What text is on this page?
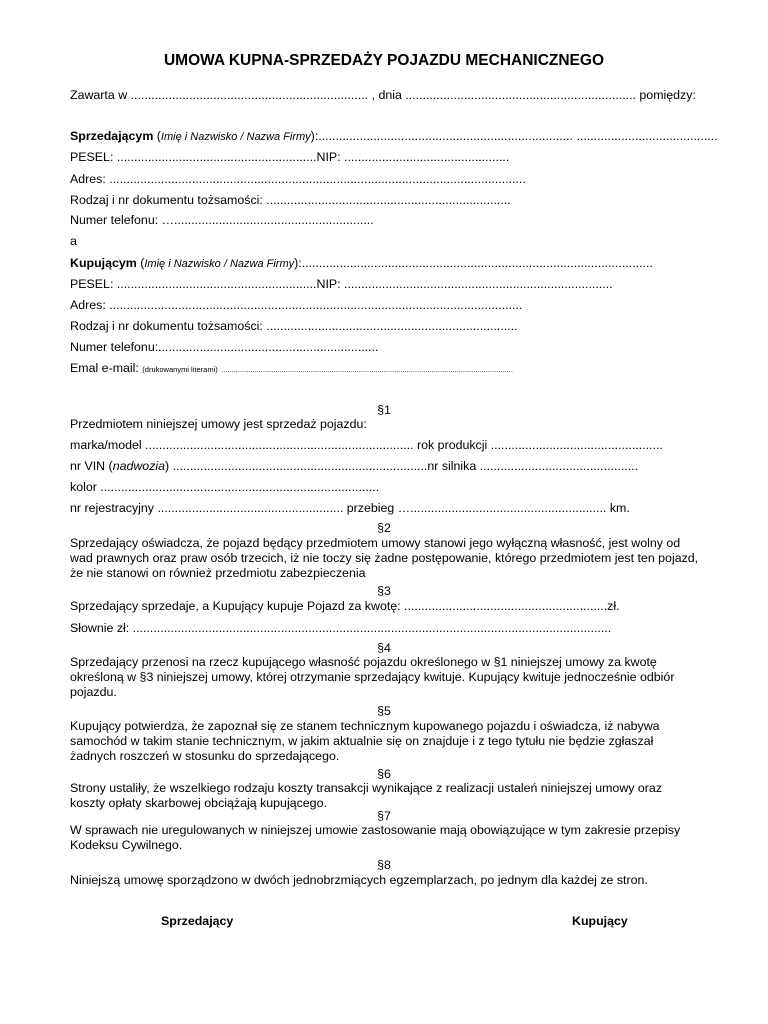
UMOWA KUPNA-SPRZEDAŻY POJAZDU MECHANICZNEGO
Zawarta w ..................................................................... , dnia ................................................................... pomiędzy:
Sprzedającym (Imię i Nazwisko / Nazwa Firmy):.......................................................................... .........................................
PESEL: ..........................................................NIP: ................................................
Adres: .........................................................................................................................
Rodzaj i nr dokumentu tożsamości: .......................................................................
Numer telefonu: …..........................................................
a
Kupującym (Imię i Nazwisko / Nazwa Firmy):......................................................................................................
PESEL: ..........................................................NIP: ..............................................................................
Adres: ........................................................................................................................
Rodzaj i nr dokumentu tożsamości: .........................................................................
Numer telefonu:................................................................
Emal e-mail: (drukowanymi literami) ............................................................................................................................................
§1
Przedmiotem niniejszej umowy jest sprzedaż pojazdu:
marka/model .............................................................................. rok produkcji ..................................................
nr VIN (nadwozia) ..........................................................................nr silnika ..............................................
kolor .................................................................................
nr rejestracyjny ...................................................... przebieg …......................................................... km.
§2
Sprzedający oświadcza, że pojazd będący przedmiotem umowy stanowi jego wyłączną własność, jest wolny od wad prawnych oraz praw osób trzecich, iż nie toczy się żadne postępowanie, którego przedmiotem jest ten pojazd, że nie stanowi on również przedmiotu zabezpieczenia
§3
Sprzedający sprzedaje, a Kupujący kupuje Pojazd za kwotę: ...........................................................zł.
Słownie zł: ...........................................................................................................................................
§4
Sprzedający przenosi na rzecz kupującego własność pojazdu określonego w §1 niniejszej umowy za kwotę określoną w §3 niniejszej umowy, której otrzymanie sprzedający kwituje. Kupujący kwituje jednocześnie odbiór pojazdu.
§5
Kupujący potwierdza, że zapoznał się ze stanem technicznym kupowanego pojazdu i oświadcza, iż nabywa samochód w takim stanie technicznym, w jakim aktualnie się on znajduje i z tego tytułu nie będzie zgłaszał żadnych roszczeń w stosunku do sprzedającego.
§6
Strony ustaliły, że wszelkiego rodzaju koszty transakcji wynikające z realizacji ustaleń niniejszej umowy oraz koszty opłaty skarbowej obciążają kupującego.
§7
W sprawach nie uregulowanych w niniejszej umowie zastosowanie mają obowiązujące w tym zakresie przepisy Kodeksu Cywilnego.
§8
Niniejszą umowę sporządzono w dwóch jednobrzmiących egzemplarzach, po jednym dla każdej ze stron.
Sprzedający	Kupujący
